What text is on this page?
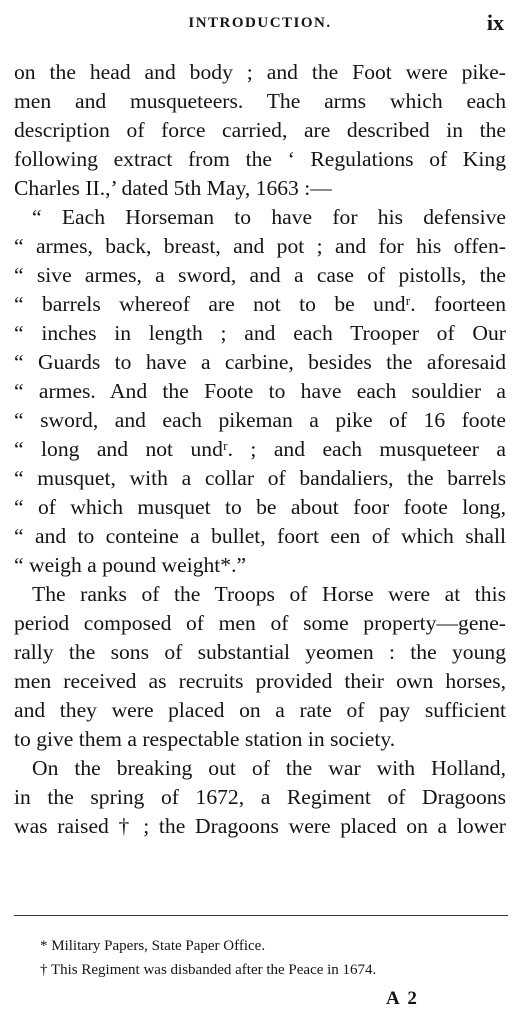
INTRODUCTION.	ix
on the head and body ; and the Foot were pike-
men and musqueteers. The arms which each
description of force carried, are described in the
following extract from the ‘ Regulations of King
Charles II.,’ dated 5th May, 1663 :—
“ Each Horseman to have for his defensive
“ armes, back, breast, and pot ; and for his offen-
“ sive armes, a sword, and a case of pistolls, the
“ barrels whereof are not to be undʳ. foorteen
“ inches in length ; and each Trooper of Our
“ Guards to have a carbine, besides the aforesaid
“ armes. And the Foote to have each souldier a
“ sword, and each pikeman a pike of 16 foote
“ long and not undʳ. ; and each musqueteer a
“ musquet, with a collar of bandaliers, the barrels
“ of which musquet to be about foor foote long,
“ and to conteine a bullet, foort een of which shall
“ weigh a pound weight*.”
The ranks of the Troops of Horse were at this
period composed of men of some property—gene-
rally the sons of substantial yeomen : the young
men received as recruits provided their own horses,
and they were placed on a rate of pay sufficient
to give them a respectable station in society.
On the breaking out of the war with Holland,
in the spring of 1672, a Regiment of Dragoons
was raised † ; the Dragoons were placed on a lower
* Military Papers, State Paper Office.
† This Regiment was disbanded after the Peace in 1674.
A 2
